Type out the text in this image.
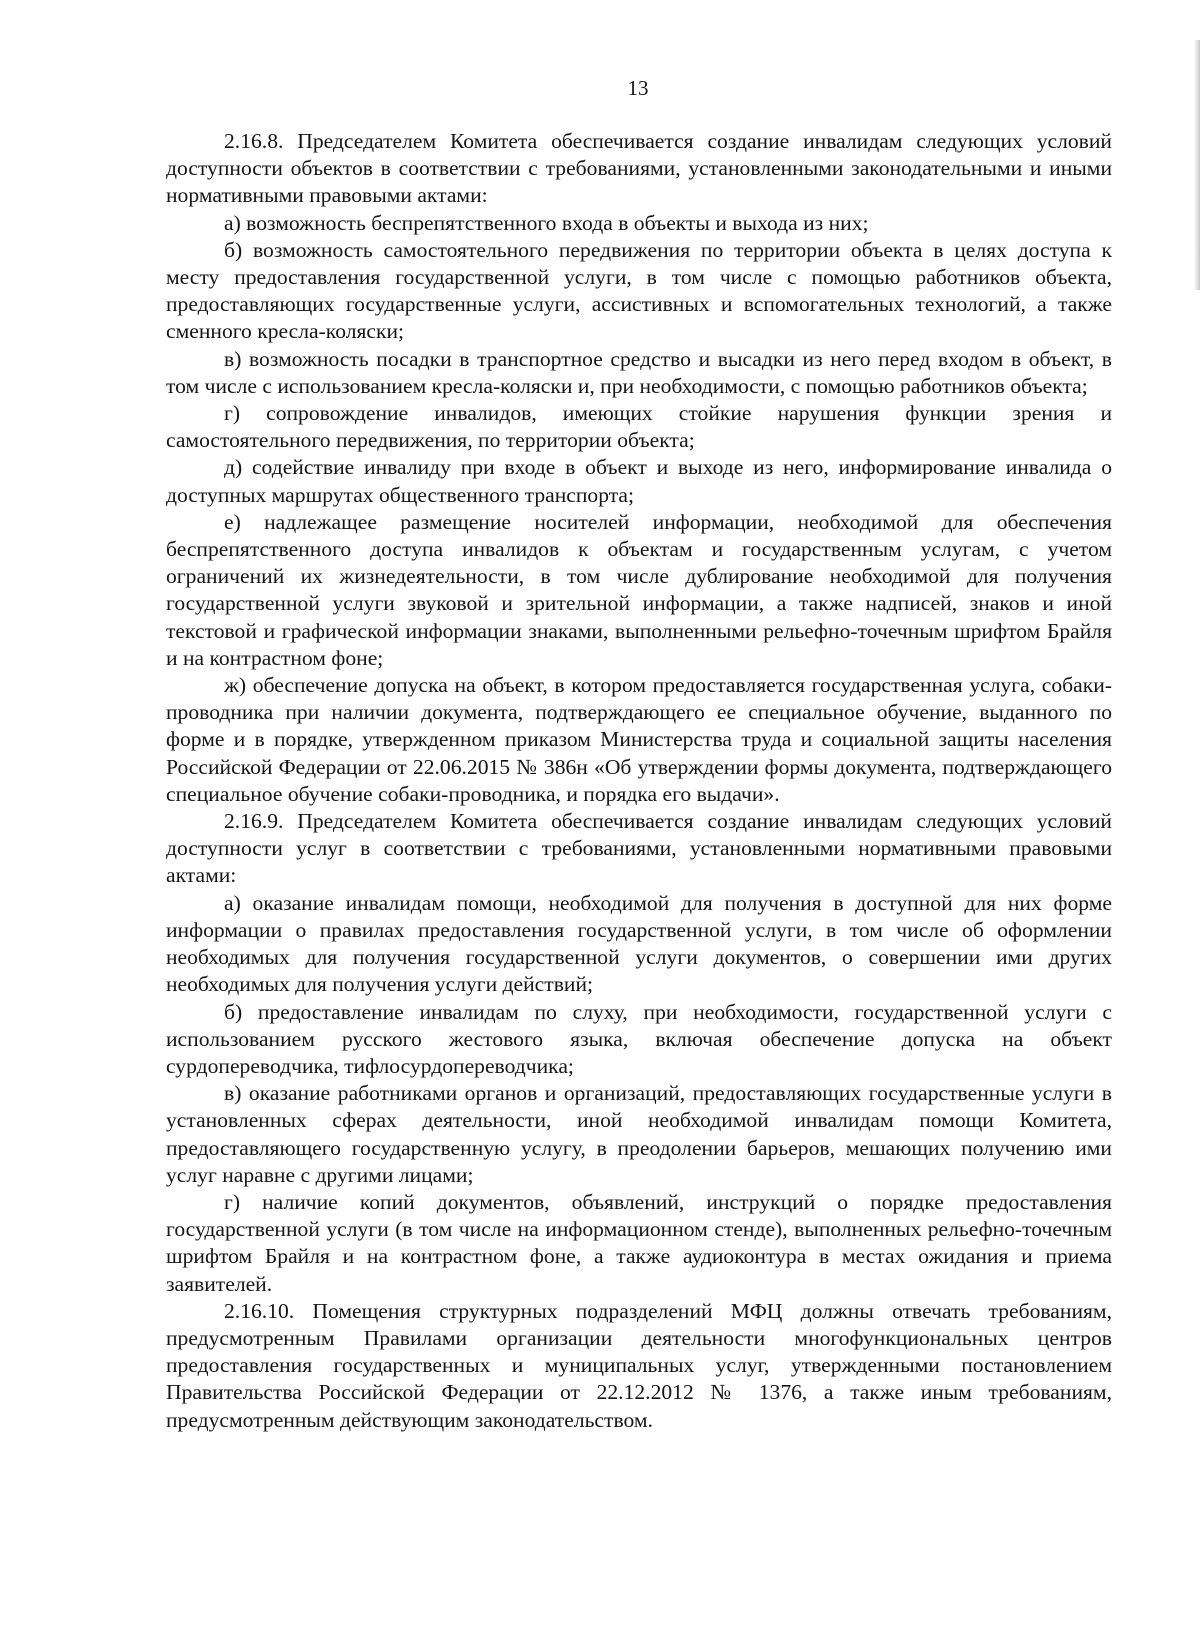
13

2.16.8. Председателем Комитета обеспечивается создание инвалидам следующих условий доступности объектов в соответствии с требованиями, установленными законодательными и иными нормативными правовыми актами:

а) возможность беспрепятственного входа в объекты и выхода из них;

б) возможность самостоятельного передвижения по территории объекта в целях доступа к месту предоставления государственной услуги, в том числе с помощью работников объекта, предоставляющих государственные услуги, ассистивных и вспомогательных технологий, а также сменного кресла-коляски;

в) возможность посадки в транспортное средство и высадки из него перед входом в объект, в том числе с использованием кресла-коляски и, при необходимости, с помощью работников объекта;

г) сопровождение инвалидов, имеющих стойкие нарушения функции зрения и самостоятельного передвижения, по территории объекта;

д) содействие инвалиду при входе в объект и выходе из него, информирование инвалида о доступных маршрутах общественного транспорта;

е) надлежащее размещение носителей информации, необходимой для обеспечения беспрепятственного доступа инвалидов к объектам и государственным услугам, с учетом ограничений их жизнедеятельности, в том числе дублирование необходимой для получения государственной услуги звуковой и зрительной информации, а также надписей, знаков и иной текстовой и графической информации знаками, выполненными рельефно-точечным шрифтом Брайля и на контрастном фоне;

ж) обеспечение допуска на объект, в котором предоставляется государственная услуга, собаки-проводника при наличии документа, подтверждающего ее специальное обучение, выданного по форме и в порядке, утвержденном приказом Министерства труда и социальной защиты населения Российской Федерации от 22.06.2015 № 386н «Об утверждении формы документа, подтверждающего специальное обучение собаки-проводника, и порядка его выдачи».

2.16.9. Председателем Комитета обеспечивается создание инвалидам следующих условий доступности услуг в соответствии с требованиями, установленными нормативными правовыми актами:

а) оказание инвалидам помощи, необходимой для получения в доступной для них форме информации о правилах предоставления государственной услуги, в том числе об оформлении необходимых для получения государственной услуги документов, о совершении ими других необходимых для получения услуги действий;

б) предоставление инвалидам по слуху, при необходимости, государственной услуги с использованием русского жестового языка, включая обеспечение допуска на объект сурдопереводчика, тифлосурдопереводчика;

в) оказание работниками органов и организаций, предоставляющих государственные услуги в установленных сферах деятельности, иной необходимой инвалидам помощи Комитета, предоставляющего государственную услугу, в преодолении барьеров, мешающих получению ими услуг наравне с другими лицами;

г) наличие копий документов, объявлений, инструкций о порядке предоставления государственной услуги (в том числе на информационном стенде), выполненных рельефно-точечным шрифтом Брайля и на контрастном фоне, а также аудиоконтура в местах ожидания и приема заявителей.

2.16.10. Помещения структурных подразделений МФЦ должны отвечать требованиям, предусмотренным Правилами организации деятельности многофункциональных центров предоставления государственных и муниципальных услуг, утвержденными постановлением Правительства Российской Федерации от 22.12.2012 № 1376, а также иным требованиям, предусмотренным действующим законодательством.
